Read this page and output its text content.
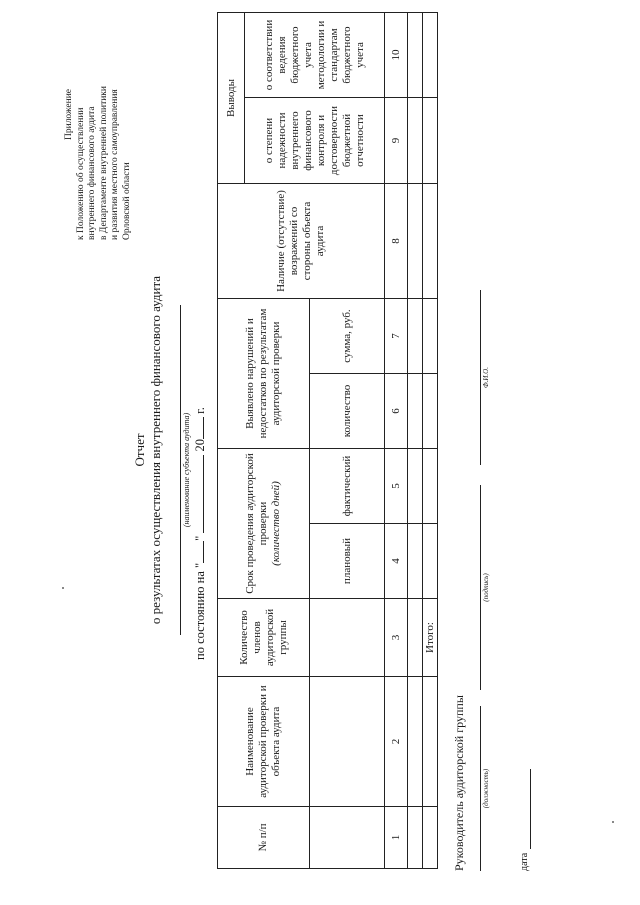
Приложение к Положению об осуществлении внутреннего финансового аудита в Департаменте внутренней политики и развития местного самоуправления Орловской области
Отчет о результатах осуществления внутреннего финансового аудита (наименование субъекта аудита)
по состоянию на ""  20 г.
№ п/п	Наименование аудиторской проверки и объекта аудита	Количество членов аудиторской группы	Срок проведения аудиторской проверки (количество дней)		Выявлено нарушений и недостатков по результатам аудиторской проверки		Наличие (отсутствие) возражений со стороны объекта аудита	Выводы	
								о степени надежности внутреннего финансового контроля и достоверности бюджетной отчетности	о соответствии ведения бюджетного учета методологии и стандартам бюджетного учета
			плановый	фактический	количество	сумма, руб.			
1	2	3	4	5	6	7	8	9	10

		Итого:							
Руководитель аудиторской группы (должность)
(подпись)
Ф.И.О.
дата
